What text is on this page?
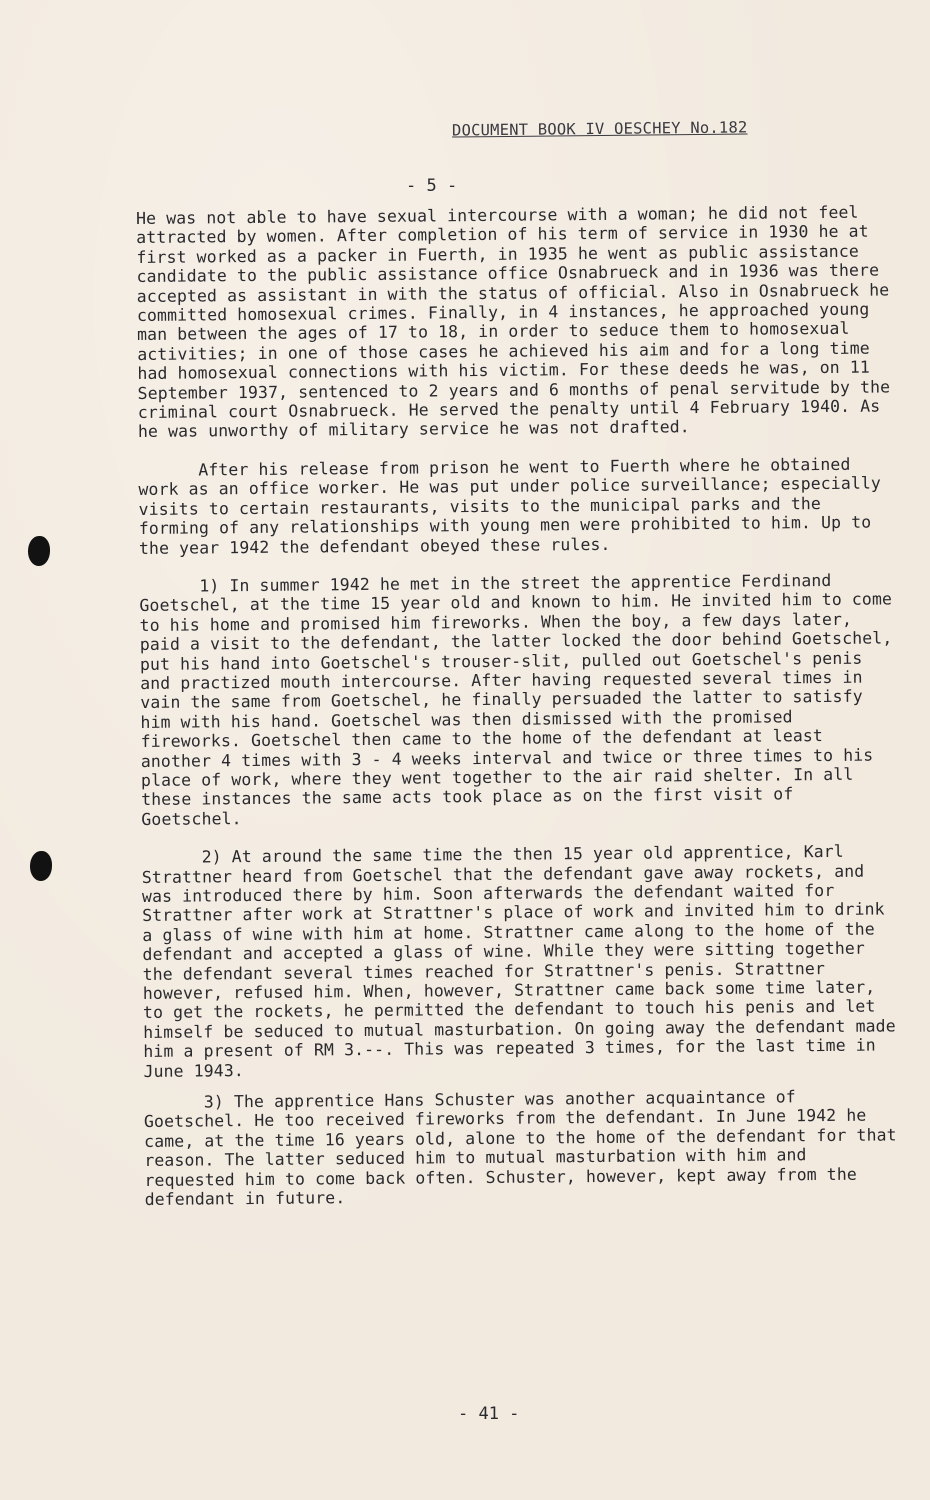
DOCUMENT BOOK IV OESCHEY No.182
- 5 -

He was not able to have sexual intercourse with a woman; he did not feel attracted by women. After completion of his term of service in 1930 he at first worked as a packer in Fuerth, in 1935 he went as public assistance candidate to the public assistance office Osnabrueck and in 1936 was there accepted as assistant in with the status of official. Also in Osnabrueck he committed homosexual crimes. Finally, in 4 instances, he approached young man between the ages of 17 to 18, in order to seduce them to homosexual activities; in one of those cases he achieved his aim and for a long time had homosexual connections with his victim. For these deeds he was, on 11 September 1937, sentenced to 2 years and 6 months of penal servitude by the criminal court Osnabrueck. He served the penalty until 4 February 1940. As he was unworthy of military service he was not drafted.

After his release from prison he went to Fuerth where he obtained work as an office worker. He was put under police surveillance; especially visits to certain restaurants, visits to the municipal parks and the forming of any relationships with young men were prohibited to him. Up to the year 1942 the defendant obeyed these rules.

1) In summer 1942 he met in the street the apprentice Ferdinand Goetschel, at the time 15 year old and known to him. He invited him to come to his home and promised him fireworks. When the boy, a few days later, paid a visit to the defendant, the latter locked the door behind Goetschel, put his hand into Goetschel's trouser-slit, pulled out Goetschel's penis and practized mouth intercourse. After having requested several times in vain the same from Goetschel, he finally persuaded the latter to satisfy him with his hand. Goetschel was then dismissed with the promised fireworks. Goetschel then came to the home of the defendant at least another 4 times with 3 - 4 weeks interval and twice or three times to his place of work, where they went together to the air raid shelter. In all these instances the same acts took place as on the first visit of Goetschel.

2) At around the same time the then 15 year old apprentice, Karl Strattner heard from Goetschel that the defendant gave away rockets, and was introduced there by him. Soon afterwards the defendant waited for Strattner after work at Strattner's place of work and invited him to drink a glass of wine with him at home. Strattner came along to the home of the defendant and accepted a glass of wine. While they were sitting together the defendant several times reached for Strattner's penis. Strattner however, refused him. When, however, Strattner came back some time later, to get the rockets, he permitted the defendant to touch his penis and let himself be seduced to mutual masturbation. On going away the defendant made him a present of RM 3.--. This was repeated 3 times, for the last time in June 1943.

3) The apprentice Hans Schuster was another acquaintance of Goetschel. He too received fireworks from the defendant. In June 1942 he came, at the time 16 years old, alone to the home of the defendant for that reason. The latter seduced him to mutual masturbation with him and requested him to come back often. Schuster, however, kept away from the defendant in future.

- 41 -
